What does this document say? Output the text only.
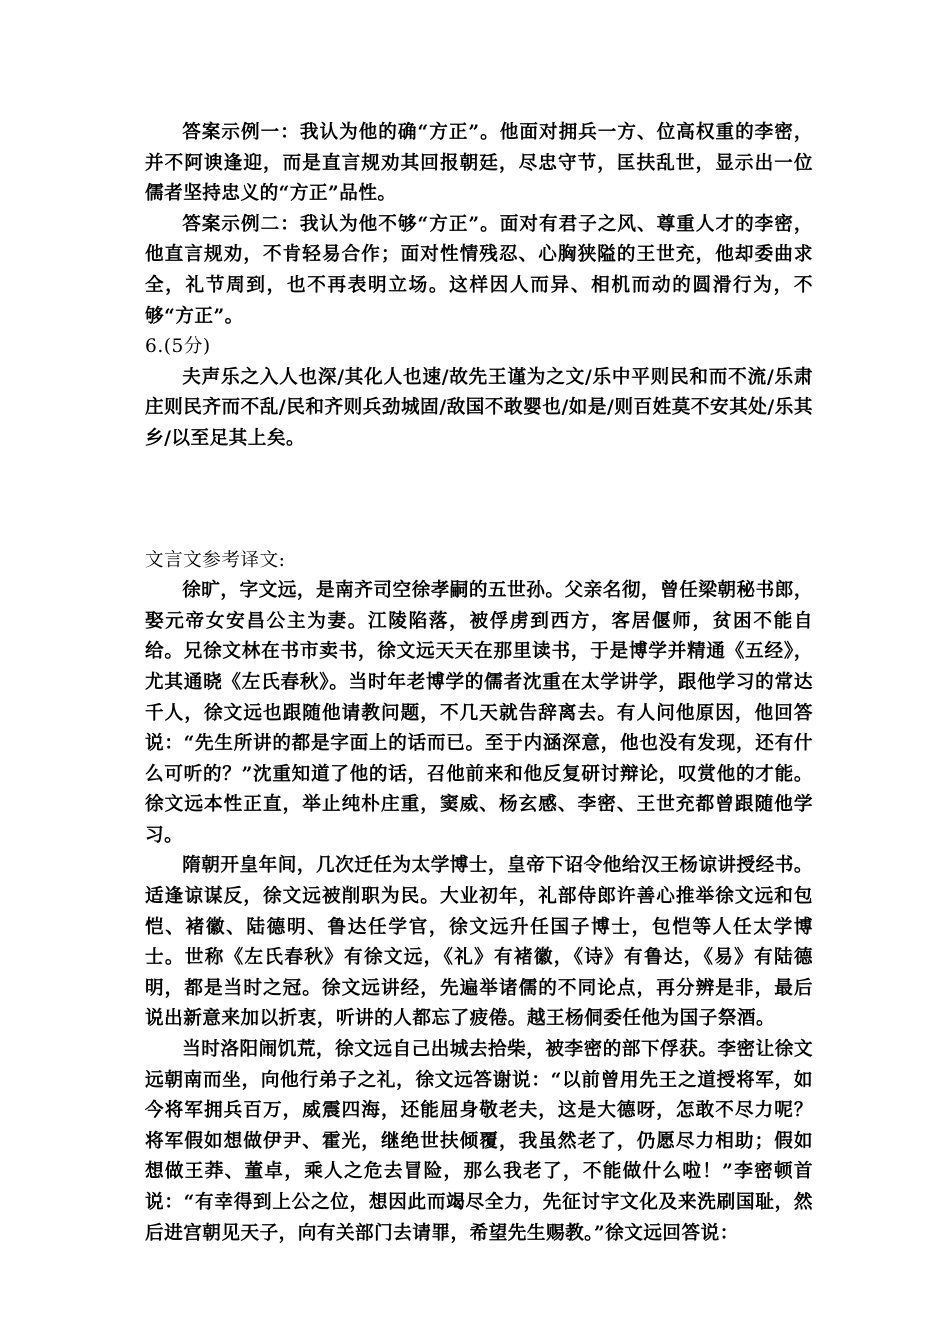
答案示例一：我认为他的确“方正”。他面对拥兵一方、位高权重的李密，并不阿谀逢迎，而是直言规劝其回报朝廷，尽忠守节，匡扶乱世，显示出一位儒者坚持忠义的“方正”品性。

答案示例二：我认为他不够“方正”。面对有君子之风、尊重人才的李密，他直言规劝，不肯轻易合作；面对性情残忍、心胸狭隘的王世充，他却委曲求全，礼节周到，也不再表明立场。这样因人而异、相机而动的圆滑行为，不够“方正”。

6.(5分)

夫声乐之入人也深/其化人也速/故先王谨为之文/乐中平则民和而不流/乐肃庄则民齐而不乱/民和齐则兵劲城固/敌国不敢婴也/如是/则百姓莫不安其处/乐其乡/以至足其上矣。

文言文参考译文:

徐旷，字文远，是南齐司空徐孝嗣的五世孙。父亲名彻，曾任梁朝秘书郎，娶元帝女安昌公主为妻。江陵陷落，被俘虏到西方，客居偃师，贫困不能自给。兄徐文林在书市卖书，徐文远天天在那里读书，于是博学并精通《五经》，尤其通晓《左氏春秋》。当时年老博学的儒者沈重在太学讲学，跟他学习的常达千人，徐文远也跟随他请教问题，不几天就告辞离去。有人问他原因，他回答说：“先生所讲的都是字面上的话而已。至于内涵深意，他也没有发现，还有什么可听的？”沈重知道了他的话，召他前来和他反复研讨辩论，叹赏他的才能。徐文远本性正直，举止纯朴庄重，窦威、杨玄感、李密、王世充都曾跟随他学习。

隋朝开皇年间，几次迁任为太学博士，皇帝下诏令他给汉王杨谅讲授经书。适逢谅谋反，徐文远被削职为民。大业初年，礼部侍郎许善心推举徐文远和包恺、褚徽、陆德明、鲁达任学官，徐文远升任国子博士，包恺等人任太学博士。世称《左氏春秋》有徐文远，《礼》有褚徽，《诗》有鲁达，《易》有陆德明，都是当时之冠。徐文远讲经，先遍举诸儒的不同论点，再分辨是非，最后说出新意来加以折衷，听讲的人都忘了疲倦。越王杨侗委任他为国子祭酒。

当时洛阳闹饥荒，徐文远自己出城去拾柴，被李密的部下俘获。李密让徐文远朝南而坐，向他行弟子之礼，徐文远答谢说：“以前曾用先王之道授将军，如今将军拥兵百万，威震四海，还能屈身敬老夫，这是大德呀，怎敢不尽力呢？将军假如想做伊尹、霍光，继绝世扶倾覆，我虽然老了，仍愿尽力相助；假如想做王莽、董卓，乘人之危去冒险，那么我老了，不能做什么啦！”李密顿首说：“有幸得到上公之位，想因此而竭尽全力，先征讨宇文化及来洗刷国耻，然后进宫朝见天子，向有关部门去请罪，希望先生赐教。”徐文远回答说：
